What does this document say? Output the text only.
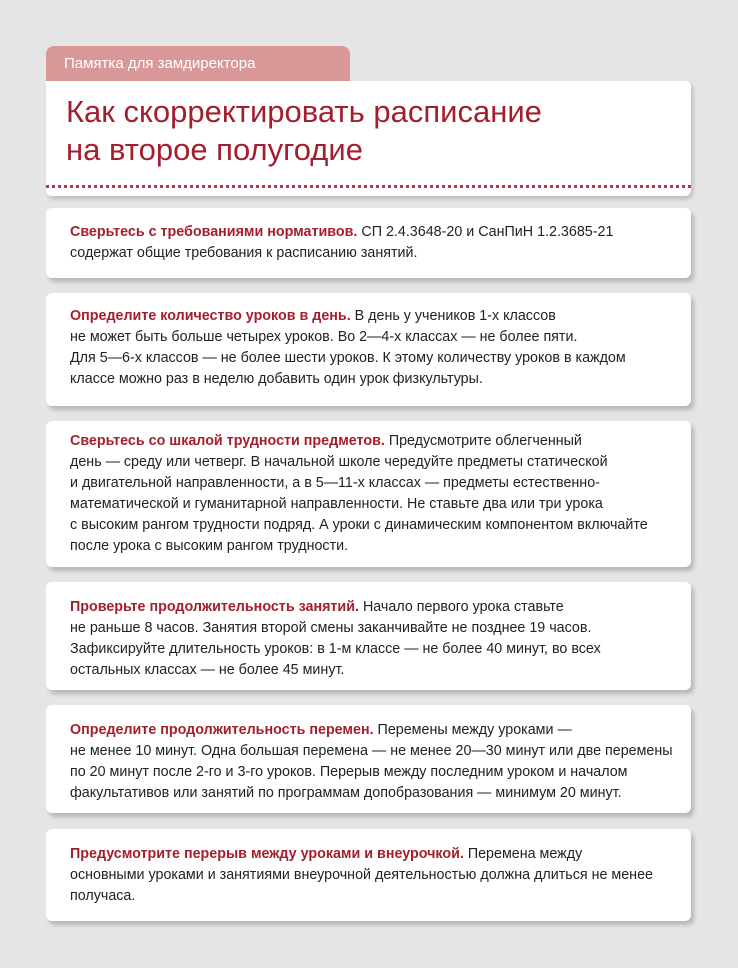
Памятка для замдиректора
Как скорректировать расписание
на второе полугодие
Сверьтесь с требованиями нормативов. СП 2.4.3648-20 и СанПиН 1.2.3685-21
содержат общие требования к расписанию занятий.
Определите количество уроков в день. В день у учеников 1-х классов
не может быть больше четырех уроков. Во 2—4-х классах — не более пяти.
Для 5—6-х классов — не более шести уроков. К этому количеству уроков в каждом
классе можно раз в неделю добавить один урок физкультуры.
Сверьтесь со шкалой трудности предметов. Предусмотрите облегченный
день — среду или четверг. В начальной школе чередуйте предметы статической
и двигательной направленности, а в 5—11-х классах — предметы естественно-
математической и гуманитарной направленности. Не ставьте два или три урока
с высоким рангом трудности подряд. А уроки с динамическим компонентом включайте
после урока с высоким рангом трудности.
Проверьте продолжительность занятий. Начало первого урока ставьте
не раньше 8 часов. Занятия второй смены заканчивайте не позднее 19 часов.
Зафиксируйте длительность уроков: в 1-м классе — не более 40 минут, во всех
остальных классах — не более 45 минут.
Определите продолжительность перемен. Перемены между уроками —
не менее 10 минут. Одна большая перемена — не менее 20—30 минут или две перемены
по 20 минут после 2-го и 3-го уроков. Перерыв между последним уроком и началом
факультативов или занятий по программам допобразования — минимум 20 минут.
Предусмотрите перерыв между уроками и внеурочкой. Перемена между
основными уроками и занятиями внеурочной деятельностью должна длиться не менее
получаса.
